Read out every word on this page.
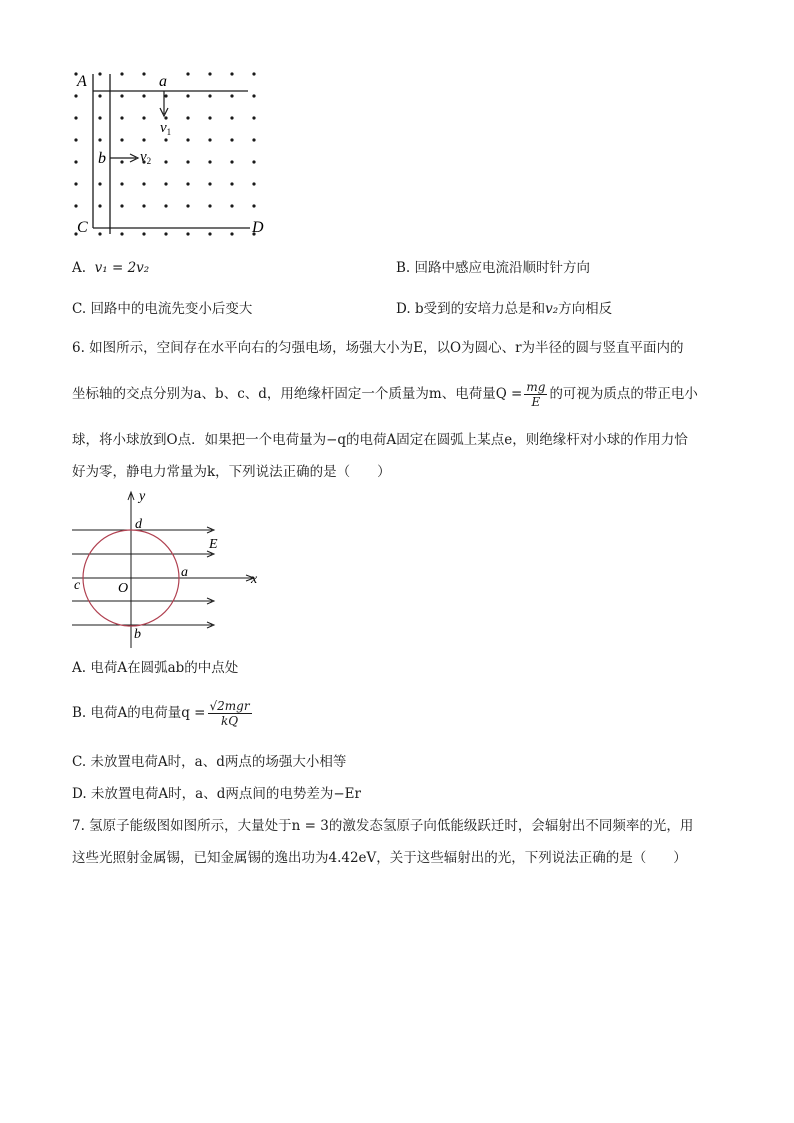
A
C	D
a
b
$v_1$
$v_2$
A. v₁ = 2v₂	B. 回路中感应电流沿顺时针方向
C. 回路中的电流先变小后变大	D. b受到的安培力总是和v₂方向相反
6. 如图所示，空间存在水平向右的匀强电场，场强大小为E，以O为圆心、r为半径的圆与竖直平面内的
坐标轴的交点分别为a、b、c、d，用绝缘杆固定一个质量为m、电荷量$Q = \frac{mg}{E}$ 的可视为质点的带正电小
球，将小球放到O点．如果把一个电荷量为−q的电荷A固定在圆弧上某点e，则绝缘杆对小球的作用力恰
好为零，静电力常量为k，下列说法正确的是（　　）
y
x
E
d
a
c	O
b
A. 电荷A在圆弧ab的中点处
B. 电荷A的电荷量$q = \frac{\text{√2mgr}}{kQ}$
C. 未放置电荷A时，a、d两点的场强大小相等
D. 未放置电荷A时，a、d两点间的电势差为−Er
7. 氢原子能级图如图所示，大量处于n = 3的激发态氢原子向低能级跃迁时，会辐射出不同频率的光，用
这些光照射金属锡，已知金属锡的逸出功为4.42eV，关于这些辐射出的光，下列说法正确的是（　　）
